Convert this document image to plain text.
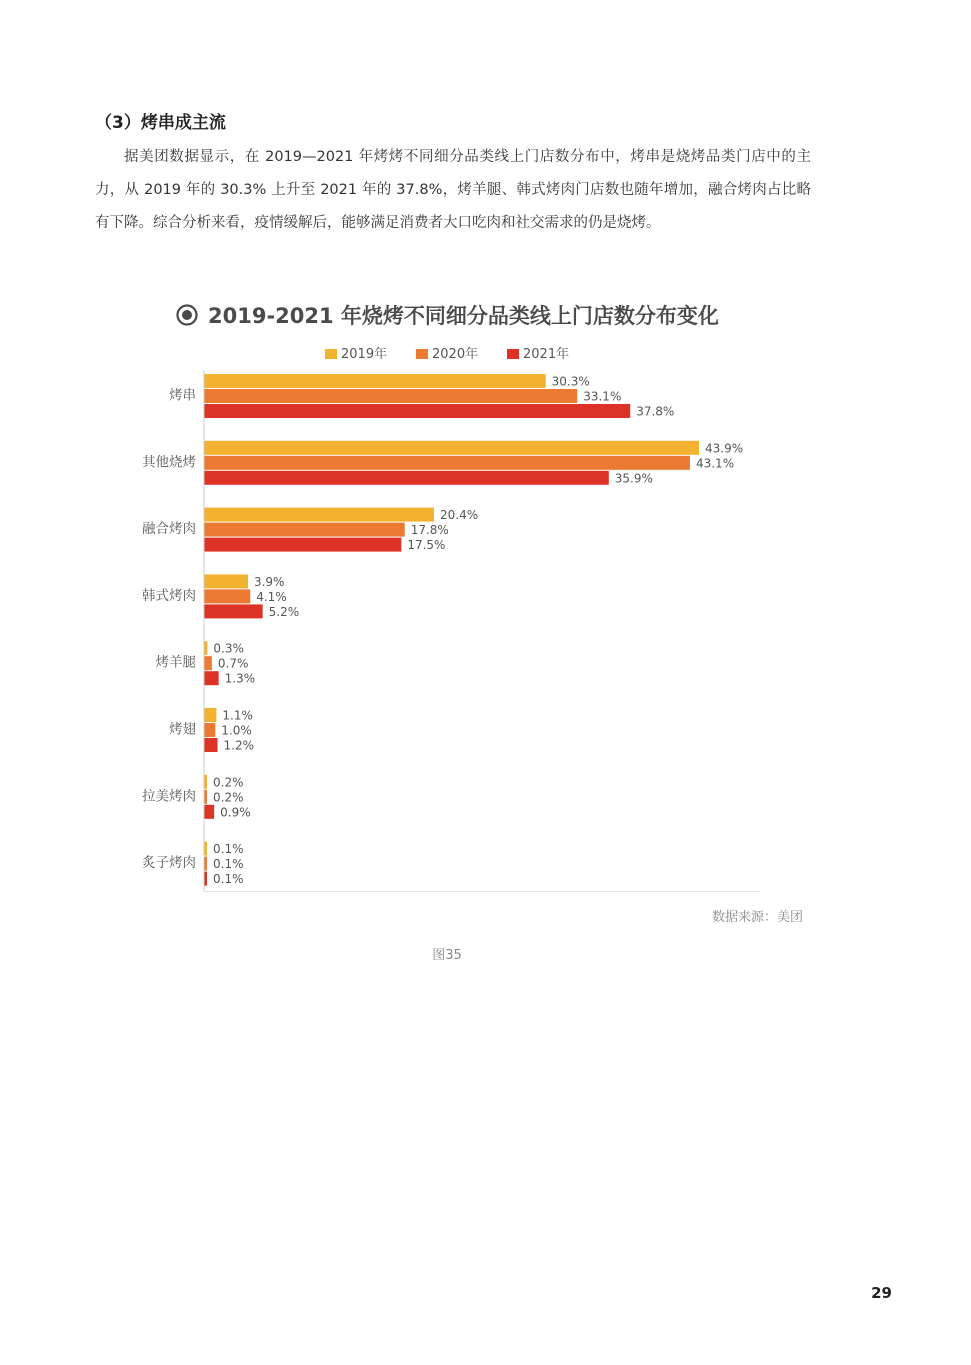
（3）烤串成主流

据美团数据显示，在 2019—2021 年烤烤不同细分品类线上门店数分布中，烤串是烧烤品类门店中的主力，从 2019 年的 30.3% 上升至 2021 年的 37.8%，烤羊腿、韩式烤肉门店数也随年增加，融合烤肉占比略有下降。综合分析来看，疫情缓解后，能够满足消费者大口吃肉和社交需求的仍是烧烤。

2019-2021 年烧烤不同细分品类线上门店数分布变化
2019年	2020年	2021年
烤串
其他烧烤
融合烤肉
韩式烤肉
烤羊腿
烤翅
拉美烤肉
炙子烤肉
30.3%
33.1%
37.8%
43.9%
43.1%
35.9%
20.4%
17.8%
17.5%
3.9%
4.1%
5.2%
0.3%
0.7%
1.3%
1.1%
1.0%
1.2%
0.2%
0.2%
0.9%
0.1%
0.1%
0.1%
数据来源：美团
图35
29
